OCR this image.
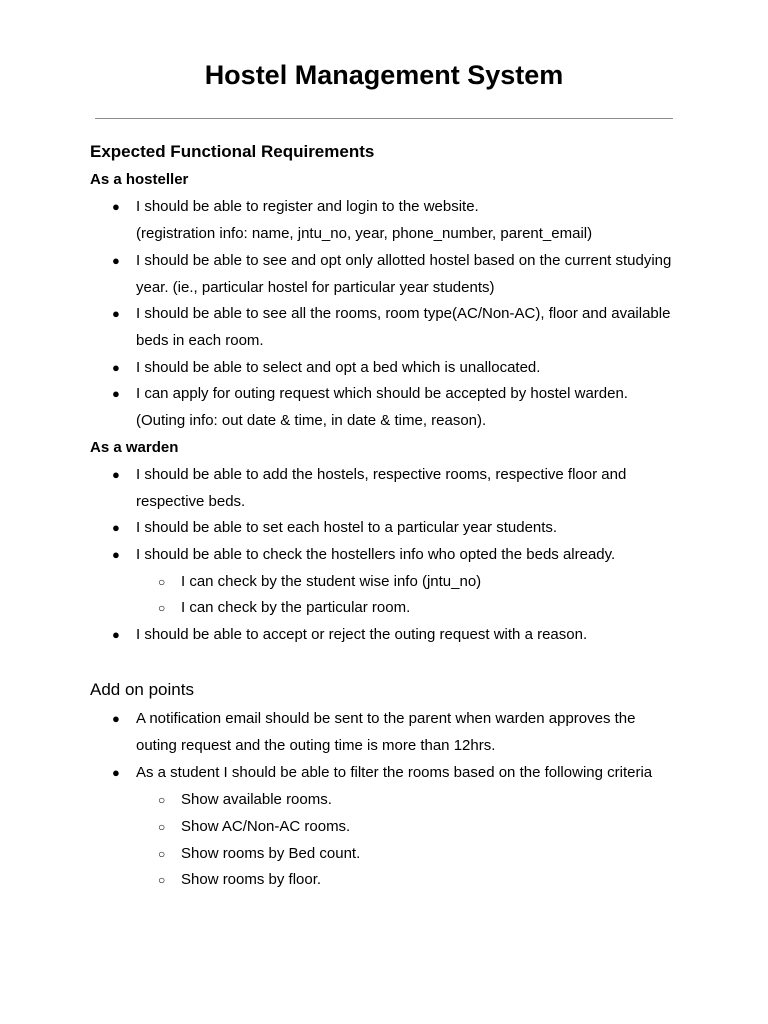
Hostel Management System
Expected Functional Requirements
As a hosteller
● I should be able to register and login to the website.
(registration info: name, jntu_no, year, phone_number, parent_email)
● I should be able to see and opt only allotted hostel based on the current studying
year. (ie., particular hostel for particular year students)
● I should be able to see all the rooms, room type(AC/Non-AC), floor and available
beds in each room.
● I should be able to select and opt a bed which is unallocated.
● I can apply for outing request which should be accepted by hostel warden.
(Outing info: out date & time, in date & time, reason).
As a warden
● I should be able to add the hostels, respective rooms, respective floor and
respective beds.
● I should be able to set each hostel to a particular year students.
● I should be able to check the hostellers info who opted the beds already.
○ I can check by the student wise info (jntu_no)
○ I can check by the particular room.
● I should be able to accept or reject the outing request with a reason.
Add on points
● A notification email should be sent to the parent when warden approves the
outing request and the outing time is more than 12hrs.
● As a student I should be able to filter the rooms based on the following criteria
○ Show available rooms.
○ Show AC/Non-AC rooms.
○ Show rooms by Bed count.
○ Show rooms by floor.
